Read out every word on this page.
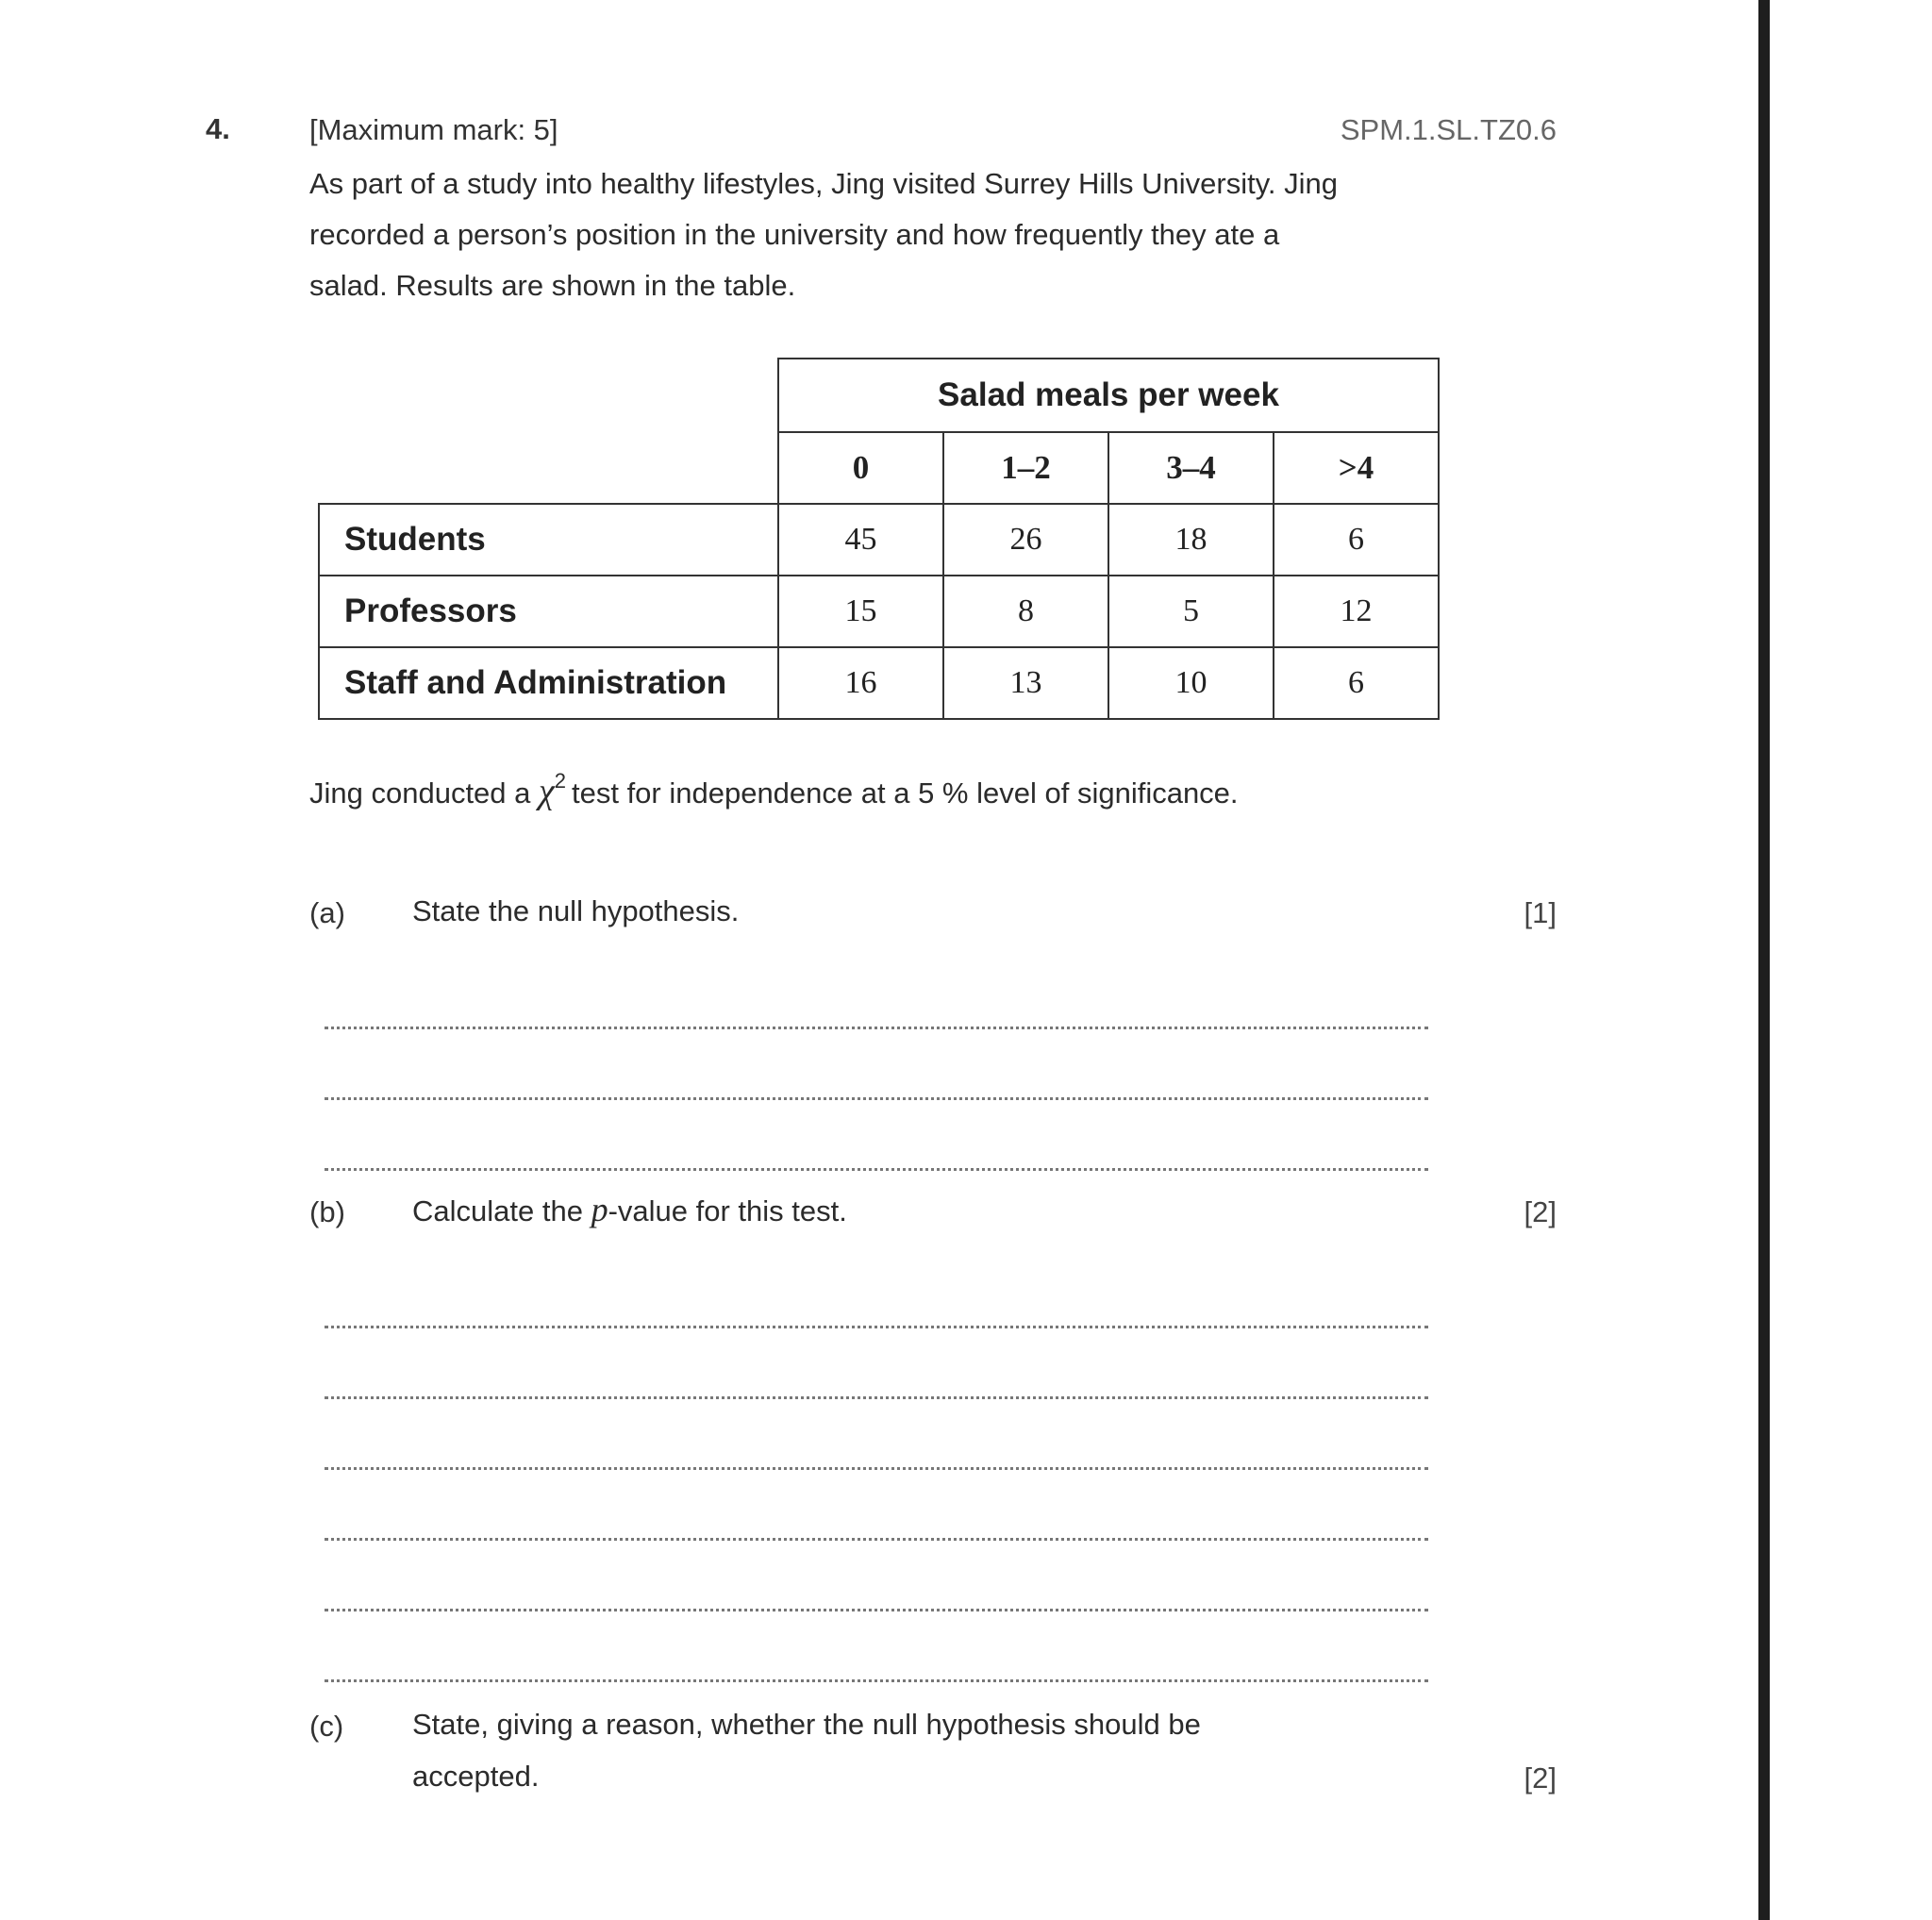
4.	[Maximum mark: 5]	SPM.1.SL.TZ0.6
As part of a study into healthy lifestyles, Jing visited Surrey Hills University. Jing
recorded a person’s position in the university and how frequently they ate a
salad. Results are shown in the table.
	Salad meals per week			
	0	1–2	3–4	>4
Students	45	26	18	6
Professors	15	8	5	12
Staff and Administration	16	13	10	6
Jing conducted a $\chi^2$ test for independence at a 5 % level of significance.
(a) State the null hypothesis.	[1]
(b) Calculate the p-value for this test.	[2]
(c) State, giving a reason, whether the null hypothesis should be
accepted.	[2]
